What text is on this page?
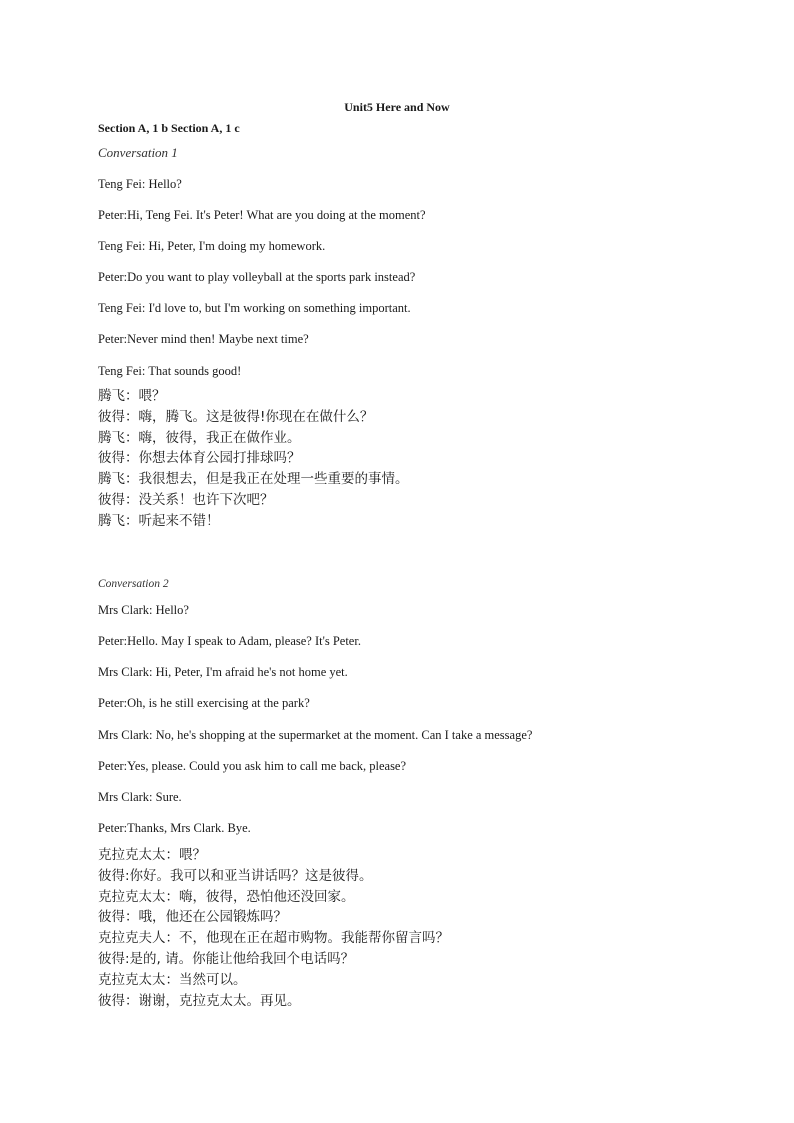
Unit5 Here and Now
Section A, 1 b Section A, 1 c
Conversation 1
Teng Fei: Hello?
Peter:Hi, Teng Fei. It's Peter! What are you doing at the moment?
Teng Fei: Hi, Peter, I'm doing my homework.
Peter:Do you want to play volleyball at the sports park instead?
Teng Fei: I'd love to, but I'm working on something important.
Peter:Never mind then! Maybe next time?
Teng Fei: That sounds good!
腾飞：喂？
彼得：嗨，腾飞。这是彼得!你现在在做什么？
腾飞：嗨，彼得，我正在做作业。
彼得：你想去体育公园打排球吗？
腾飞：我很想去，但是我正在处理一些重要的事情。
彼得：没关系！也许下次吧？
腾飞：听起来不错！
Conversation 2
Mrs Clark: Hello?
Peter:Hello. May I speak to Adam, please? It's Peter.
Mrs Clark: Hi, Peter, I'm afraid he's not home yet.
Peter:Oh, is he still exercising at the park?
Mrs Clark: No, he's shopping at the supermarket at the moment. Can I take a message?
Peter:Yes, please. Could you ask him to call me back, please?
Mrs Clark: Sure.
Peter:Thanks, Mrs Clark. Bye.
克拉克太太：喂？
彼得:你好。我可以和亚当讲话吗？这是彼得。
克拉克太太：嗨，彼得，恐怕他还没回家。
彼得：哦，他还在公园锻炼吗？
克拉克夫人：不，他现在正在超市购物。我能帮你留言吗？
彼得:是的, 请。你能让他给我回个电话吗？
克拉克太太：当然可以。
彼得：谢谢，克拉克太太。再见。
